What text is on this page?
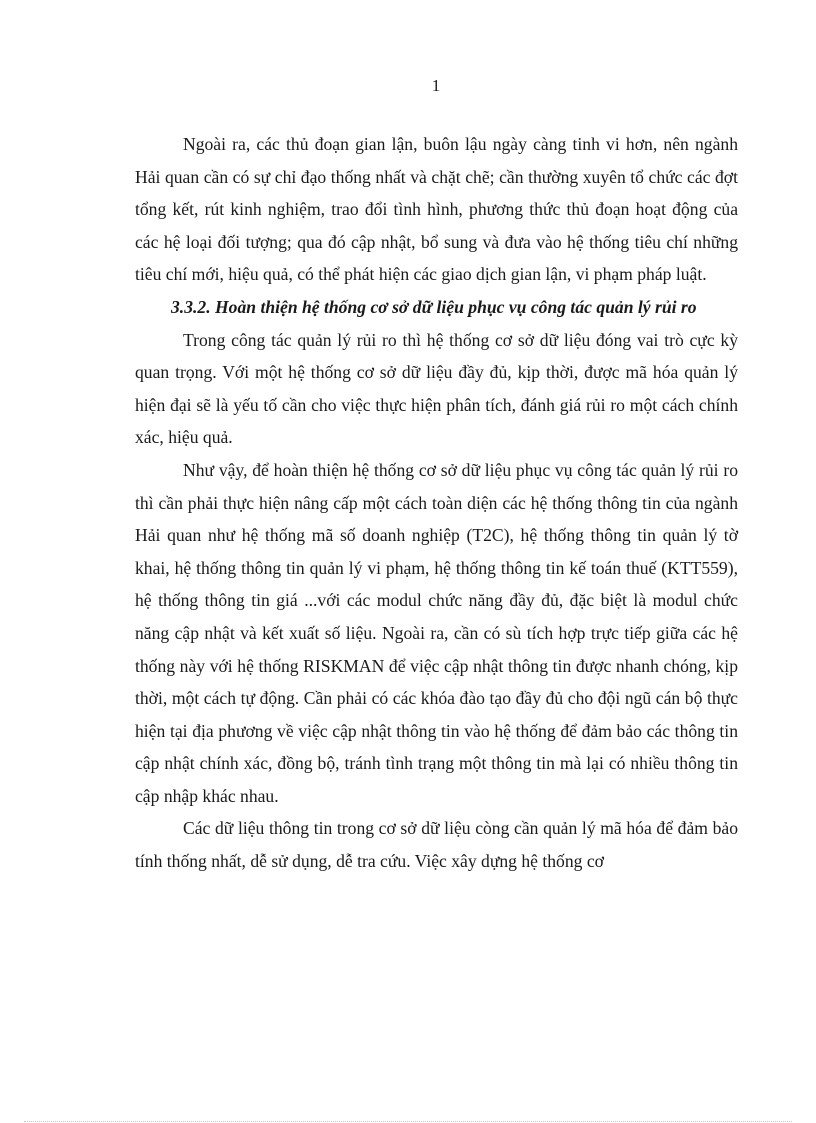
1

Ngoài ra, các thủ đoạn gian lận, buôn lậu ngày càng tinh vi hơn, nên ngành Hải quan cần có sự chỉ đạo thống nhất và chặt chẽ; cần thường xuyên tổ chức các đợt tổng kết, rút kinh nghiệm, trao đổi tình hình, phương thức thủ đoạn hoạt động của các hệ loại đối tượng; qua đó cập nhật, bổ sung và đưa vào hệ thống tiêu chí những tiêu chí mới, hiệu quả, có thể phát hiện các giao dịch gian lận, vi phạm pháp luật.

3.3.2. Hoàn thiện hệ thống cơ sở dữ liệu phục vụ công tác quản lý rủi ro

Trong công tác quản lý rủi ro thì hệ thống cơ sở dữ liệu đóng vai trò cực kỳ quan trọng. Với một hệ thống cơ sở dữ liệu đầy đủ, kịp thời, được mã hóa quản lý hiện đại sẽ là yếu tố cần cho việc thực hiện phân tích, đánh giá rủi ro một cách chính xác, hiệu quả.

Như vậy, để hoàn thiện hệ thống cơ sở dữ liệu phục vụ công tác quản lý rủi ro thì cần phải thực hiện nâng cấp một cách toàn diện các hệ thống thông tin của ngành Hải quan như hệ thống mã số doanh nghiệp (T2C), hệ thống thông tin quản lý tờ khai, hệ thống thông tin quản lý vi phạm, hệ thống thông tin kế toán thuế (KTT559), hệ thống thông tin giá ...với các modul chức năng đầy đủ, đặc biệt là modul chức năng cập nhật và kết xuất số liệu. Ngoài ra, cần có sù tích hợp trực tiếp giữa các hệ thống này với hệ thống RISKMAN để việc cập nhật thông tin được nhanh chóng, kịp thời, một cách tự động. Cần phải có các khóa đào tạo đầy đủ cho đội ngũ cán bộ thực hiện tại địa phương về việc cập nhật thông tin vào hệ thống để đảm bảo các thông tin cập nhật chính xác, đồng bộ, tránh tình trạng một thông tin mà lại có nhiều thông tin cập nhập khác nhau.

Các dữ liệu thông tin trong cơ sở dữ liệu còng cần quản lý mã hóa để đảm bảo tính thống nhất, dễ sử dụng, dễ tra cứu. Việc xây dựng hệ thống cơ
